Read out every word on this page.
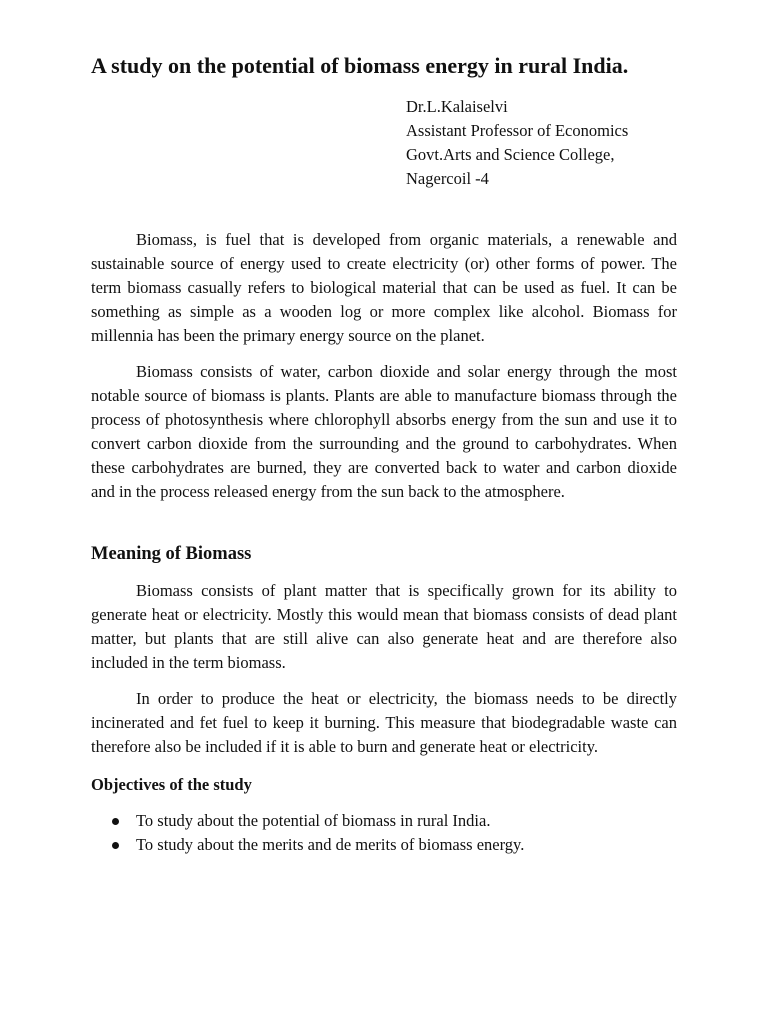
A study on the potential of biomass energy in rural India.
Dr.L.Kalaiselvi
Assistant Professor of Economics
Govt.Arts and Science College,
Nagercoil -4

Biomass, is fuel that is developed from organic materials, a renewable and sustainable source of energy used to create electricity (or) other forms of power. The term biomass casually refers to biological material that can be used as fuel. It can be something as simple as a wooden log or more complex like alcohol. Biomass for millennia has been the primary energy source on the planet.

Biomass consists of water, carbon dioxide and solar energy through the most notable source of biomass is plants. Plants are able to manufacture biomass through the process of photosynthesis where chlorophyll absorbs energy from the sun and use it to convert carbon dioxide from the surrounding and the ground to carbohydrates. When these carbohydrates are burned, they are converted back to water and carbon dioxide and in the process released energy from the sun back to the atmosphere.

Meaning of Biomass

Biomass consists of plant matter that is specifically grown for its ability to generate heat or electricity. Mostly this would mean that biomass consists of dead plant matter, but plants that are still alive can also generate heat and are therefore also included in the term biomass.

In order to produce the heat or electricity, the biomass needs to be directly incinerated and fet fuel to keep it burning. This measure that biodegradable waste can therefore also be included if it is able to burn and generate heat or electricity.

Objectives of the study
To study about the potential of biomass in rural India.
To study about the merits and de merits of biomass energy.
